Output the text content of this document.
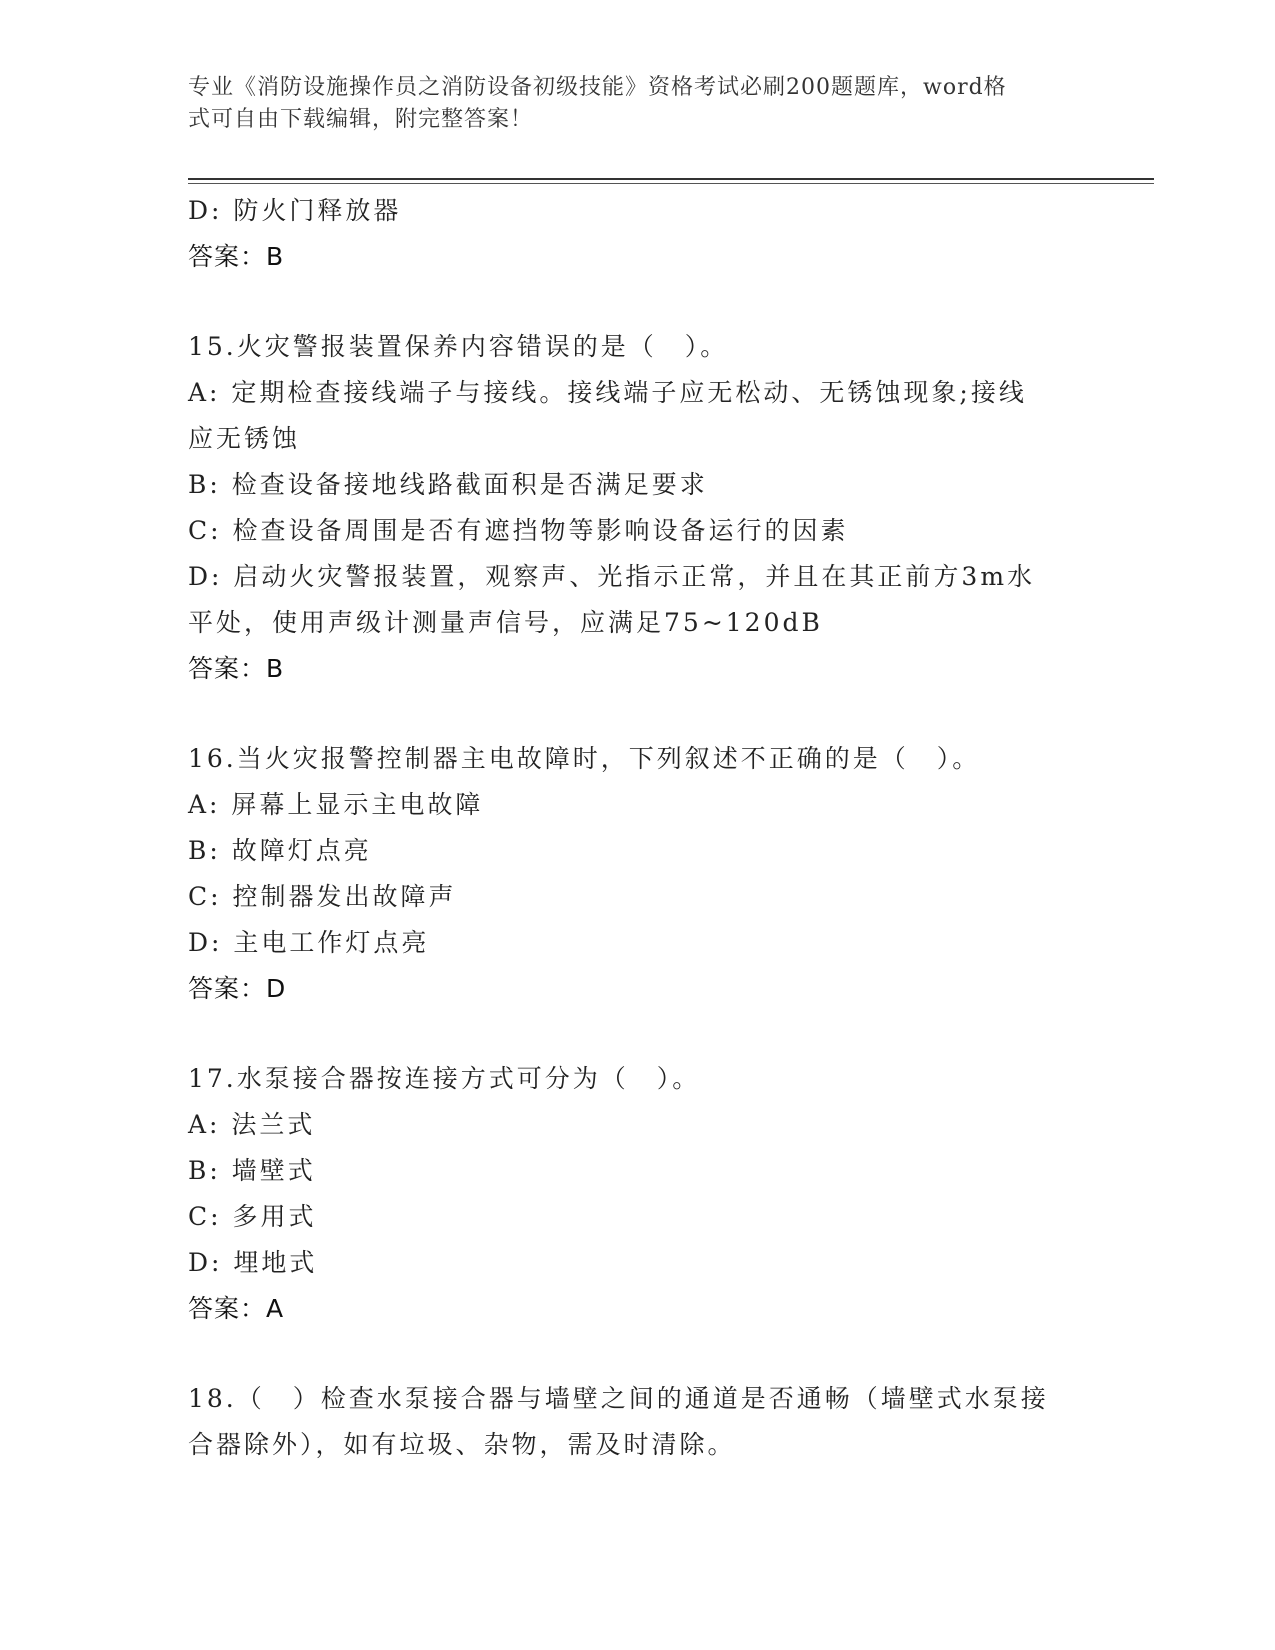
专业《消防设施操作员之消防设备初级技能》资格考试必刷200题题库，word格
式可自由下载编辑，附完整答案！
D: 防火门释放器
答案：B
15.火灾警报装置保养内容错误的是（　）。
A: 定期检查接线端子与接线。接线端子应无松动、无锈蚀现象;接线
应无锈蚀
B: 检查设备接地线路截面积是否满足要求
C: 检查设备周围是否有遮挡物等影响设备运行的因素
D: 启动火灾警报装置，观察声、光指示正常，并且在其正前方3m水
平处，使用声级计测量声信号，应满足75~120dB
答案：B
16.当火灾报警控制器主电故障时，下列叙述不正确的是（　）。
A: 屏幕上显示主电故障
B: 故障灯点亮
C: 控制器发出故障声
D: 主电工作灯点亮
答案：D
17.水泵接合器按连接方式可分为（　）。
A: 法兰式
B: 墙壁式
C: 多用式
D: 埋地式
答案：A
18.（　）检查水泵接合器与墙壁之间的通道是否通畅（墙壁式水泵接
合器除外），如有垃圾、杂物，需及时清除。
